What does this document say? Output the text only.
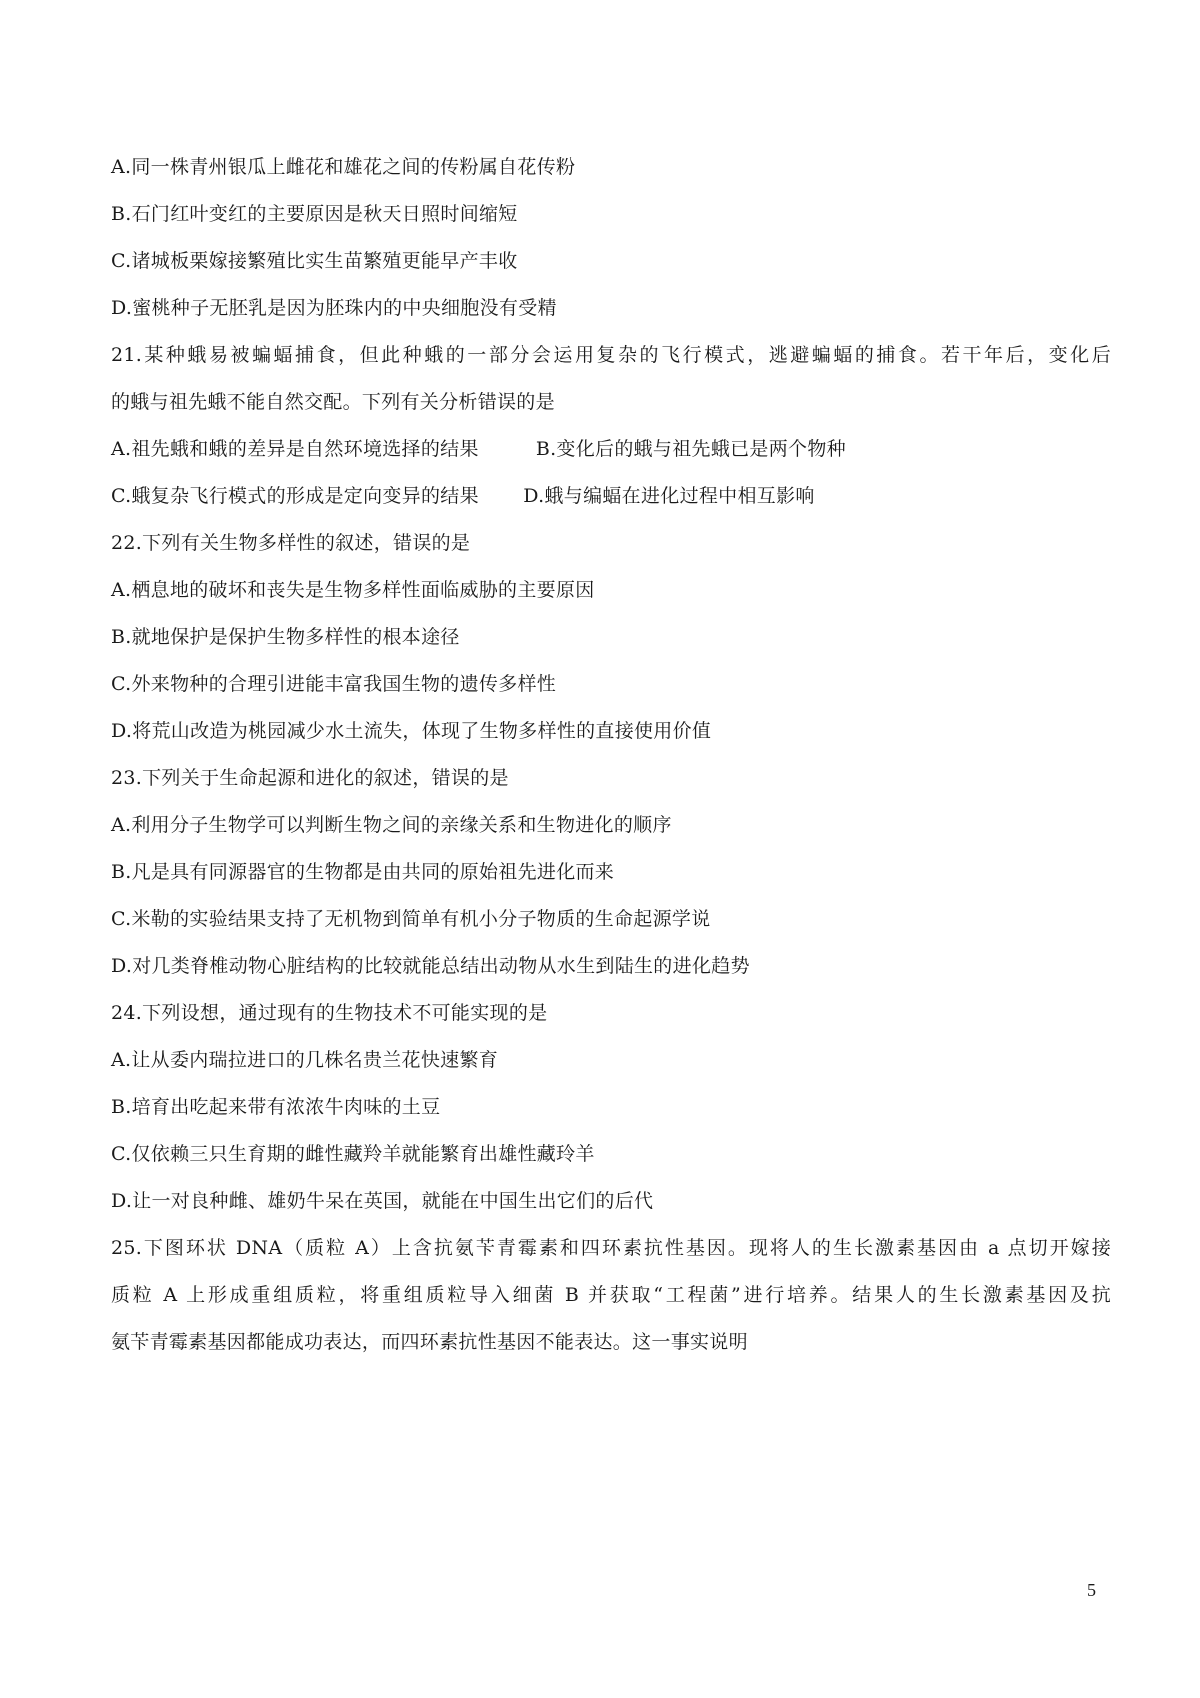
A.同一株青州银瓜上雌花和雄花之间的传粉属自花传粉
B.石门红叶变红的主要原因是秋天日照时间缩短
C.诸城板栗嫁接繁殖比实生苗繁殖更能早产丰收
D.蜜桃种子无胚乳是因为胚珠内的中央细胞没有受精
21.某种蛾易被蝙蝠捕食，但此种蛾的一部分会运用复杂的飞行模式，逃避蝙蝠的捕食。若干年后，变化后
的蛾与祖先蛾不能自然交配。下列有关分析错误的是
A.祖先蛾和蛾的差异是自然环境选择的结果         B.变化后的蛾与祖先蛾已是两个物种
C.蛾复杂飞行模式的形成是定向变异的结果       D.蛾与编蝠在进化过程中相互影响
22.下列有关生物多样性的叙述，错误的是
A.栖息地的破坏和丧失是生物多样性面临威胁的主要原因
B.就地保护是保护生物多样性的根本途径
C.外来物种的合理引进能丰富我国生物的遗传多样性
D.将荒山改造为桃园减少水土流失，体现了生物多样性的直接使用价值
23.下列关于生命起源和进化的叙述，错误的是
A.利用分子生物学可以判断生物之间的亲缘关系和生物进化的顺序
B.凡是具有同源器官的生物都是由共同的原始祖先进化而来
C.米勒的实验结果支持了无机物到简单有机小分子物质的生命起源学说
D.对几类脊椎动物心脏结构的比较就能总结出动物从水生到陆生的进化趋势
24.下列设想，通过现有的生物技术不可能实现的是
A.让从委内瑞拉进口的几株名贵兰花快速繁育
B.培育出吃起来带有浓浓牛肉味的土豆
C.仅依赖三只生育期的雌性藏羚羊就能繁育出雄性藏玲羊
D.让一对良种雌、雄奶牛呆在英国，就能在中国生出它们的后代
25.下图环状 DNA（质粒 A）上含抗氨苄青霉素和四环素抗性基因。现将人的生长激素基因由 a 点切开嫁接
质粒 A 上形成重组质粒，将重组质粒导入细菌 B 并获取“工程菌”进行培养。结果人的生长激素基因及抗
氨苄青霉素基因都能成功表达，而四环素抗性基因不能表达。这一事实说明
5
